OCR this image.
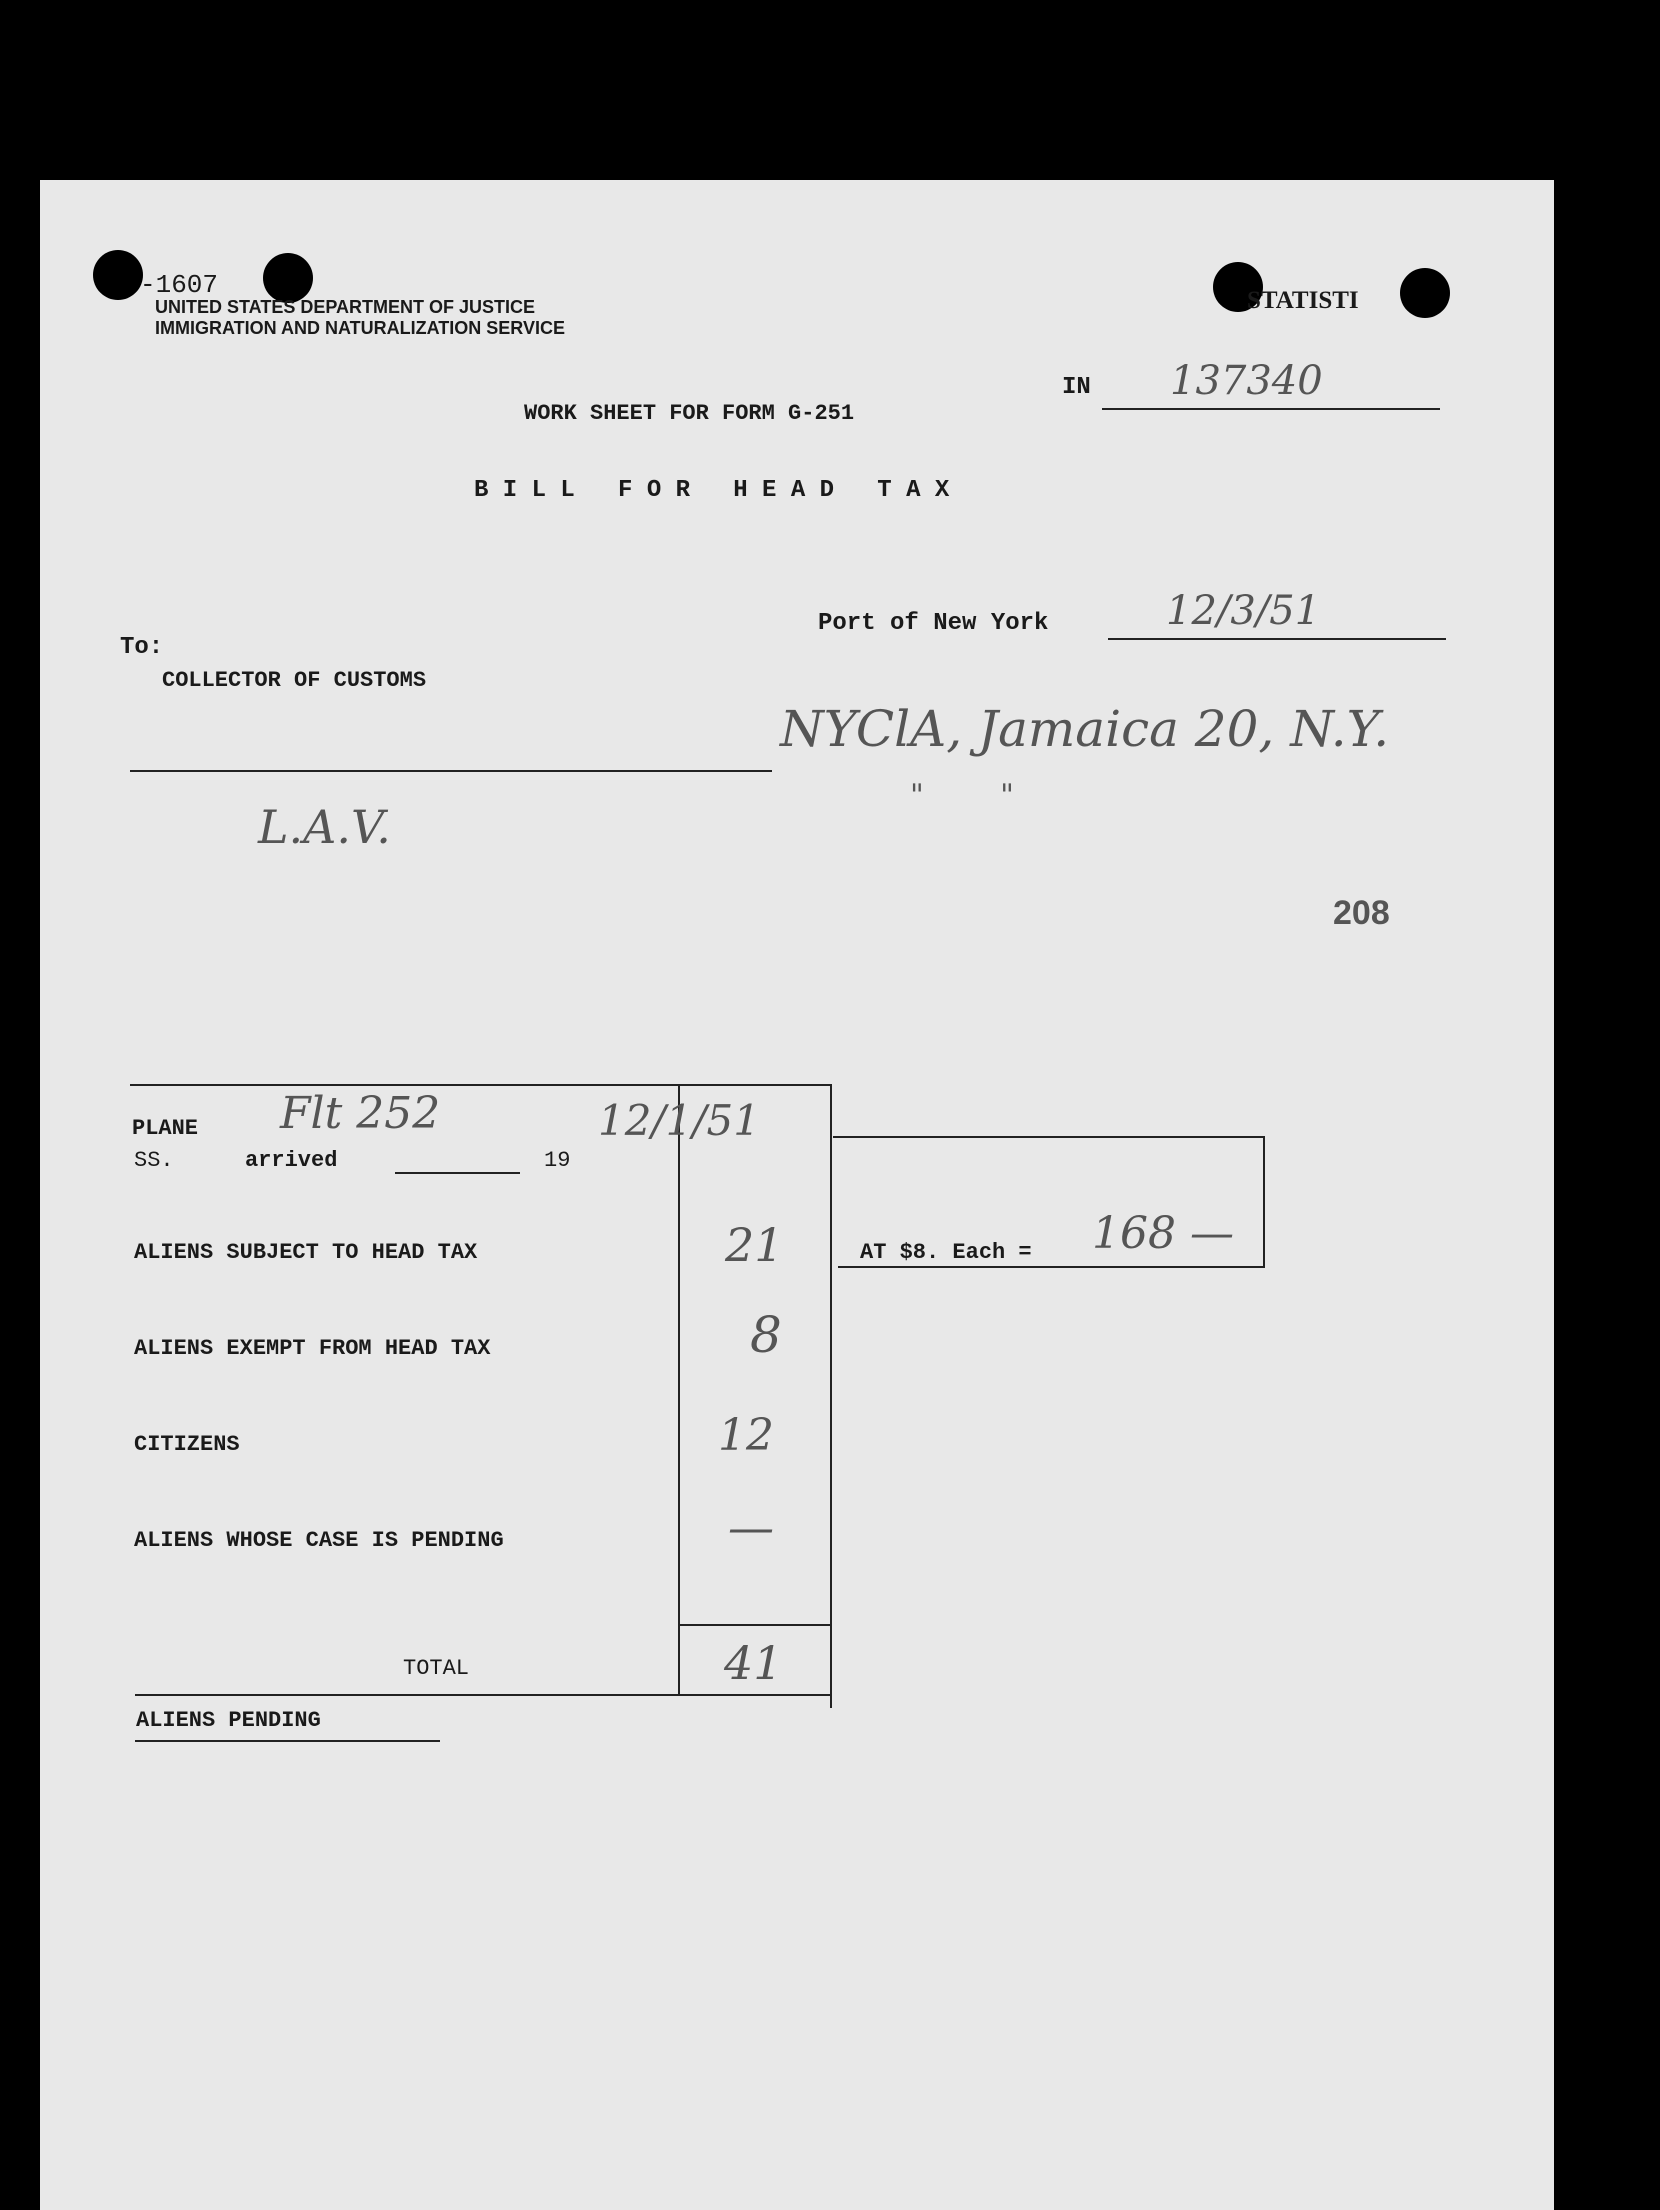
-1607
UNITED STATES DEPARTMENT OF JUSTICE
IMMIGRATION AND NATURALIZATION SERVICE
STATISTI
IN 137340
WORK SHEET FOR FORM G-251
B I L L   F O R   H E A D   T A X
Port of New York	12/3/51
To:
COLLECTOR OF CUSTOMS
NYClA, Jamaica 20, N.Y.
"        "
L.A.V.
208
PLANE
SS.	arrived	19
Flt 252	12/1/51
ALIENS SUBJECT TO HEAD TAX	21	AT $8. Each = 168 —
ALIENS EXEMPT FROM HEAD TAX	8
CITIZENS	12
ALIENS WHOSE CASE IS PENDING	—
TOTAL	41
ALIENS PENDING
